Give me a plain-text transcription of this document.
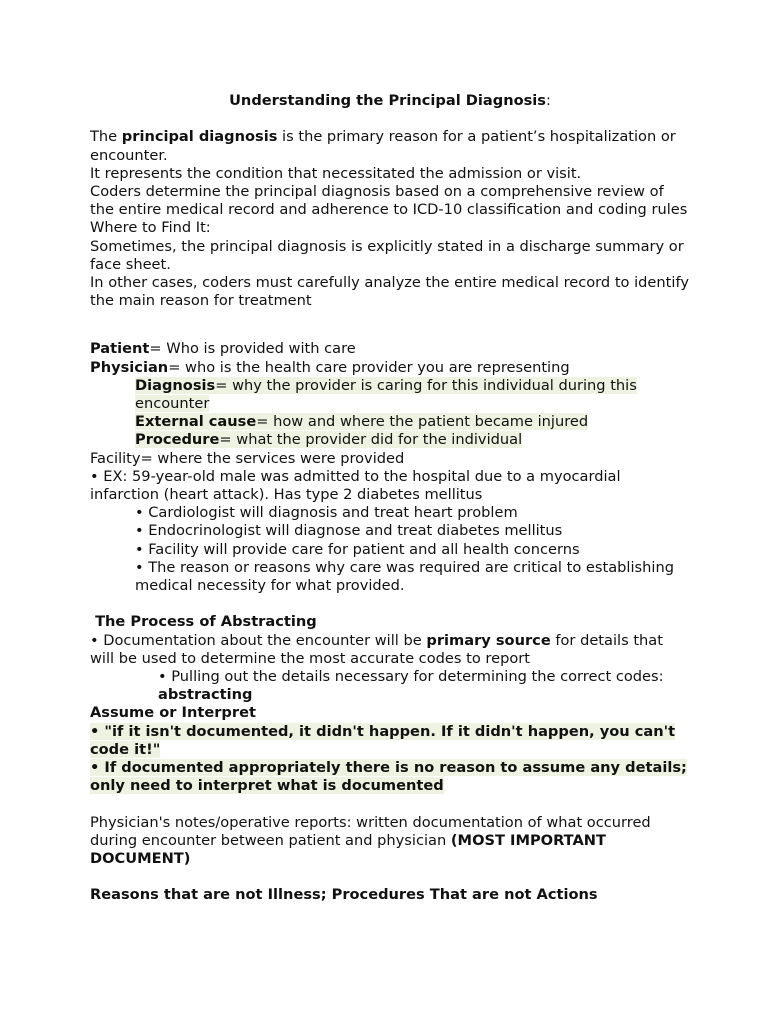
Understanding the Principal Diagnosis:

The principal diagnosis is the primary reason for a patient’s hospitalization or encounter.

It represents the condition that necessitated the admission or visit.

Coders determine the principal diagnosis based on a comprehensive review of the entire medical record and adherence to ICD-10 classification and coding rules

Where to Find It:

Sometimes, the principal diagnosis is explicitly stated in a discharge summary or face sheet.

In other cases, coders must carefully analyze the entire medical record to identify the main reason for treatment

Patient= Who is provided with care

Physician= who is the health care provider you are representing

Diagnosis= why the provider is caring for this individual during this encounter

External cause= how and where the patient became injured

Procedure= what the provider did for the individual

Facility= where the services were provided

• EX: 59-year-old male was admitted to the hospital due to a myocardial infarction (heart attack). Has type 2 diabetes mellitus

• Cardiologist will diagnosis and treat heart problem

• Endocrinologist will diagnose and treat diabetes mellitus

• Facility will provide care for patient and all health concerns

• The reason or reasons why care was required are critical to establishing medical necessity for what provided.

The Process of Abstracting

• Documentation about the encounter will be primary source for details that will be used to determine the most accurate codes to report

• Pulling out the details necessary for determining the correct codes: abstracting

Assume or Interpret

• "if it isn't documented, it didn't happen. If it didn't happen, you can't code it!"

• If documented appropriately there is no reason to assume any details; only need to interpret what is documented

Physician's notes/operative reports: written documentation of what occurred during encounter between patient and physician (MOST IMPORTANT DOCUMENT)

Reasons that are not Illness; Procedures That are not Actions
